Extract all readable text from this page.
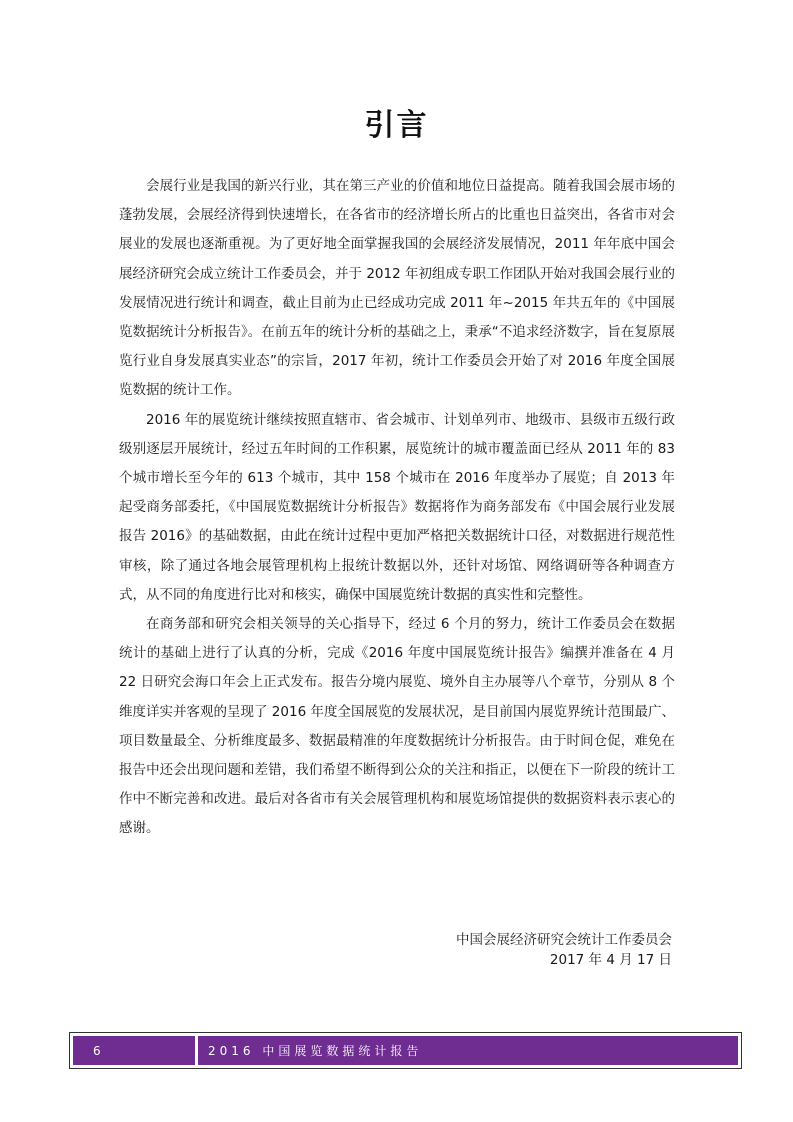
引言

会展行业是我国的新兴行业，其在第三产业的价值和地位日益提高。随着我国会展市场的蓬勃发展，会展经济得到快速增长，在各省市的经济增长所占的比重也日益突出，各省市对会展业的发展也逐渐重视。为了更好地全面掌握我国的会展经济发展情况，2011 年年底中国会展经济研究会成立统计工作委员会，并于 2012 年初组成专职工作团队开始对我国会展行业的发展情况进行统计和调查，截止目前为止已经成功完成 2011 年~2015 年共五年的《中国展览数据统计分析报告》。在前五年的统计分析的基础之上，秉承“不追求经济数字，旨在复原展览行业自身发展真实业态”的宗旨，2017 年初，统计工作委员会开始了对 2016 年度全国展览数据的统计工作。

2016 年的展览统计继续按照直辖市、省会城市、计划单列市、地级市、县级市五级行政级别逐层开展统计，经过五年时间的工作积累，展览统计的城市覆盖面已经从 2011 年的 83 个城市增长至今年的 613 个城市，其中 158 个城市在 2016 年度举办了展览；自 2013 年起受商务部委托，《中国展览数据统计分析报告》数据将作为商务部发布《中国会展行业发展报告 2016》的基础数据，由此在统计过程中更加严格把关数据统计口径，对数据进行规范性审核，除了通过各地会展管理机构上报统计数据以外，还针对场馆、网络调研等各种调查方式，从不同的角度进行比对和核实，确保中国展览统计数据的真实性和完整性。

在商务部和研究会相关领导的关心指导下，经过 6 个月的努力，统计工作委员会在数据统计的基础上进行了认真的分析，完成《2016 年度中国展览统计报告》编撰并准备在 4 月 22 日研究会海口年会上正式发布。报告分境内展览、境外自主办展等八个章节，分别从 8 个维度详实并客观的呈现了 2016 年度全国展览的发展状况，是目前国内展览界统计范围最广、项目数量最全、分析维度最多、数据最精准的年度数据统计分析报告。由于时间仓促，难免在报告中还会出现问题和差错，我们希望不断得到公众的关注和指正，以便在下一阶段的统计工作中不断完善和改进。最后对各省市有关会展管理机构和展览场馆提供的数据资料表示衷心的感谢。

中国会展经济研究会统计工作委员会
2017 年 4 月 17 日
6	2016 中国展览数据统计报告
